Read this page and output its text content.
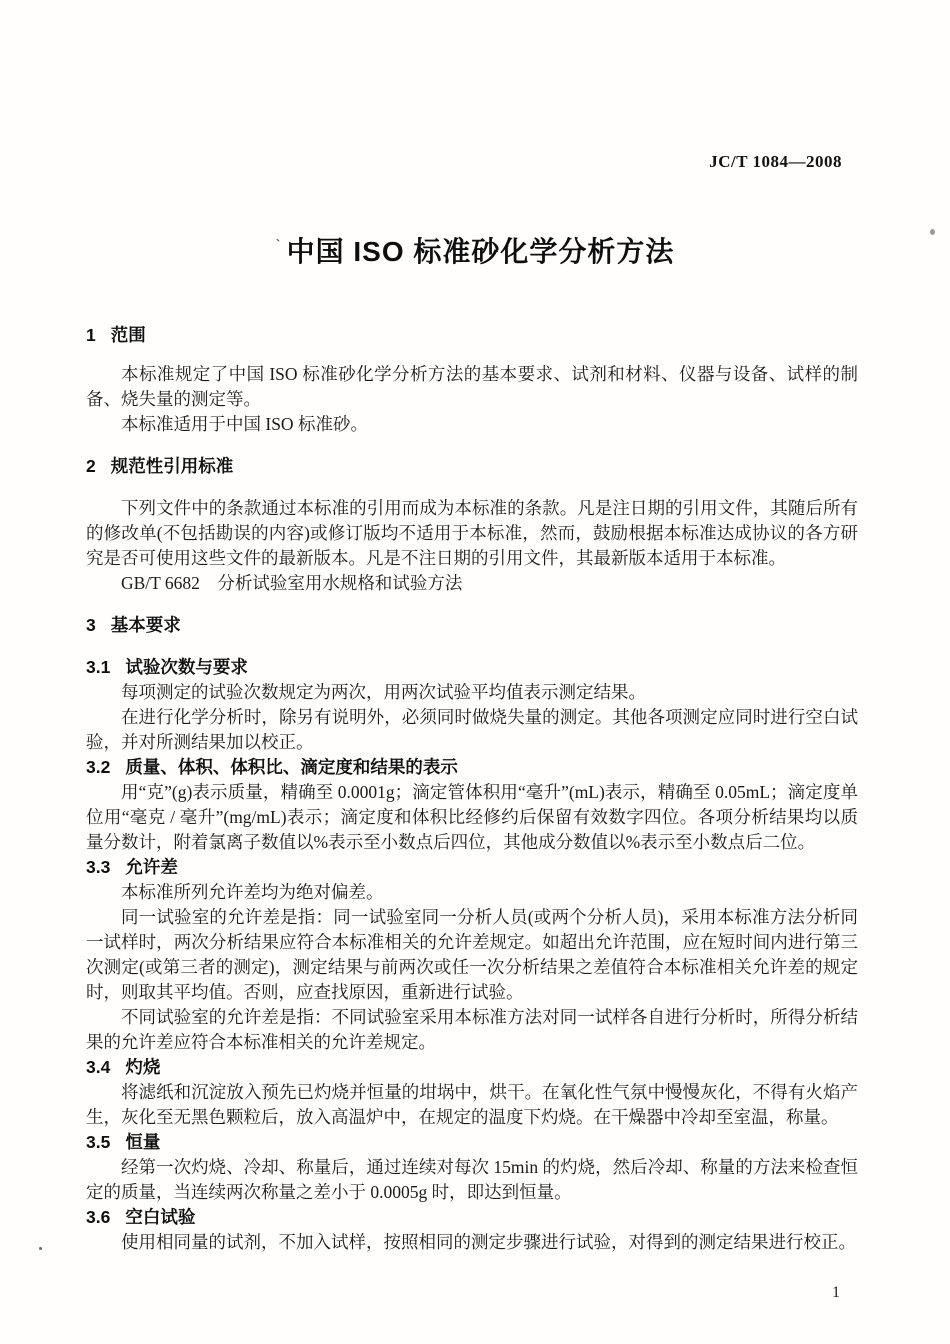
JC/T 1084—2008
` 中国 ISO 标准砂化学分析方法
1 范围

本标准规定了中国 ISO 标准砂化学分析方法的基本要求、试剂和材料、仪器与设备、试样的制备、烧失量的测定等。

本标准适用于中国 ISO 标准砂。

2 规范性引用标准

下列文件中的条款通过本标准的引用而成为本标准的条款。凡是注日期的引用文件，其随后所有的修改单(不包括勘误的内容)或修订版均不适用于本标准，然而，鼓励根据本标准达成协议的各方研究是否可使用这些文件的最新版本。凡是不注日期的引用文件，其最新版本适用于本标准。

GB/T 6682　分析试验室用水规格和试验方法

3 基本要求
3.1 试验次数与要求

每项测定的试验次数规定为两次，用两次试验平均值表示测定结果。

在进行化学分析时，除另有说明外，必须同时做烧失量的测定。其他各项测定应同时进行空白试验，并对所测结果加以校正。

3.2 质量、体积、体积比、滴定度和结果的表示

用“克”(g)表示质量，精确至 0.0001g；滴定管体积用“毫升”(mL)表示，精确至 0.05mL；滴定度单位用“毫克 / 毫升”(mg/mL)表示；滴定度和体积比经修约后保留有效数字四位。各项分析结果均以质量分数计，附着氯离子数值以%表示至小数点后四位，其他成分数值以%表示至小数点后二位。

3.3 允许差

本标准所列允许差均为绝对偏差。

同一试验室的允许差是指：同一试验室同一分析人员(或两个分析人员)，采用本标准方法分析同一试样时，两次分析结果应符合本标准相关的允许差规定。如超出允许范围，应在短时间内进行第三次测定(或第三者的测定)，测定结果与前两次或任一次分析结果之差值符合本标准相关允许差的规定时，则取其平均值。否则，应查找原因，重新进行试验。

不同试验室的允许差是指：不同试验室采用本标准方法对同一试样各自进行分析时，所得分析结果的允许差应符合本标准相关的允许差规定。

3.4 灼烧

将滤纸和沉淀放入预先已灼烧并恒量的坩埚中，烘干。在氧化性气氛中慢慢灰化，不得有火焰产生，灰化至无黑色颗粒后，放入高温炉中，在规定的温度下灼烧。在干燥器中冷却至室温，称量。

3.5 恒量

经第一次灼烧、冷却、称量后，通过连续对每次 15min 的灼烧，然后冷却、称量的方法来检查恒定的质量，当连续两次称量之差小于 0.0005g 时，即达到恒量。

3.6 空白试验

使用相同量的试剂，不加入试样，按照相同的测定步骤进行试验，对得到的测定结果进行校正。

1
